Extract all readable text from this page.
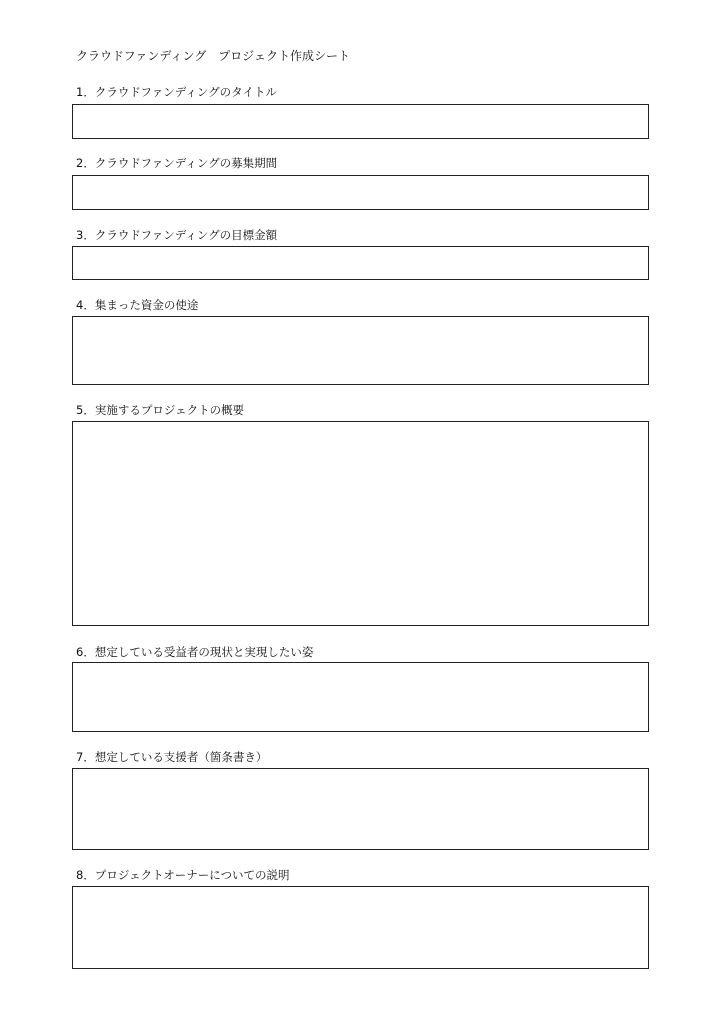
クラウドファンディング　プロジェクト作成シート
1．クラウドファンディングのタイトル
2．クラウドファンディングの募集期間
3．クラウドファンディングの目標金額
4．集まった資金の使途
5．実施するプロジェクトの概要
6．想定している受益者の現状と実現したい姿
7．想定している支援者（箇条書き）
8．プロジェクトオーナーについての説明
